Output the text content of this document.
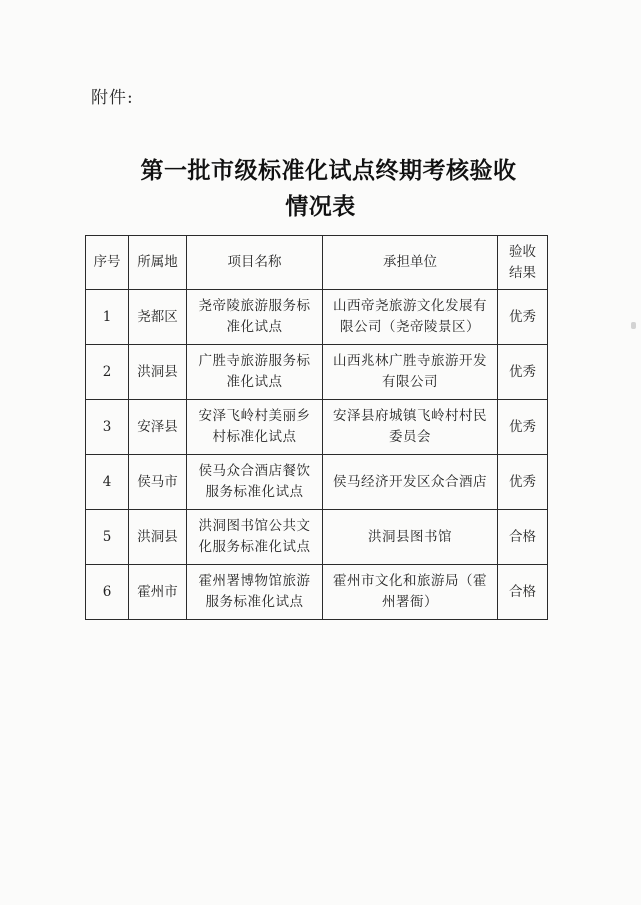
附件:
第一批市级标准化试点终期考核验收
情况表
序号	所属地	项目名称	承担单位	验收
结果
1	尧都区	尧帝陵旅游服务标准化试点	山西帝尧旅游文化发展有限公司（尧帝陵景区）	优秀
2	洪洞县	广胜寺旅游服务标准化试点	山西兆林广胜寺旅游开发有限公司	优秀
3	安泽县	安泽飞岭村美丽乡村标准化试点	安泽县府城镇飞岭村村民委员会	优秀
4	侯马市	侯马众合酒店餐饮服务标准化试点	侯马经济开发区众合酒店	优秀
5	洪洞县	洪洞图书馆公共文化服务标准化试点	洪洞县图书馆	合格
6	霍州市	霍州署博物馆旅游服务标准化试点	霍州市文化和旅游局（霍州署衙）	合格
